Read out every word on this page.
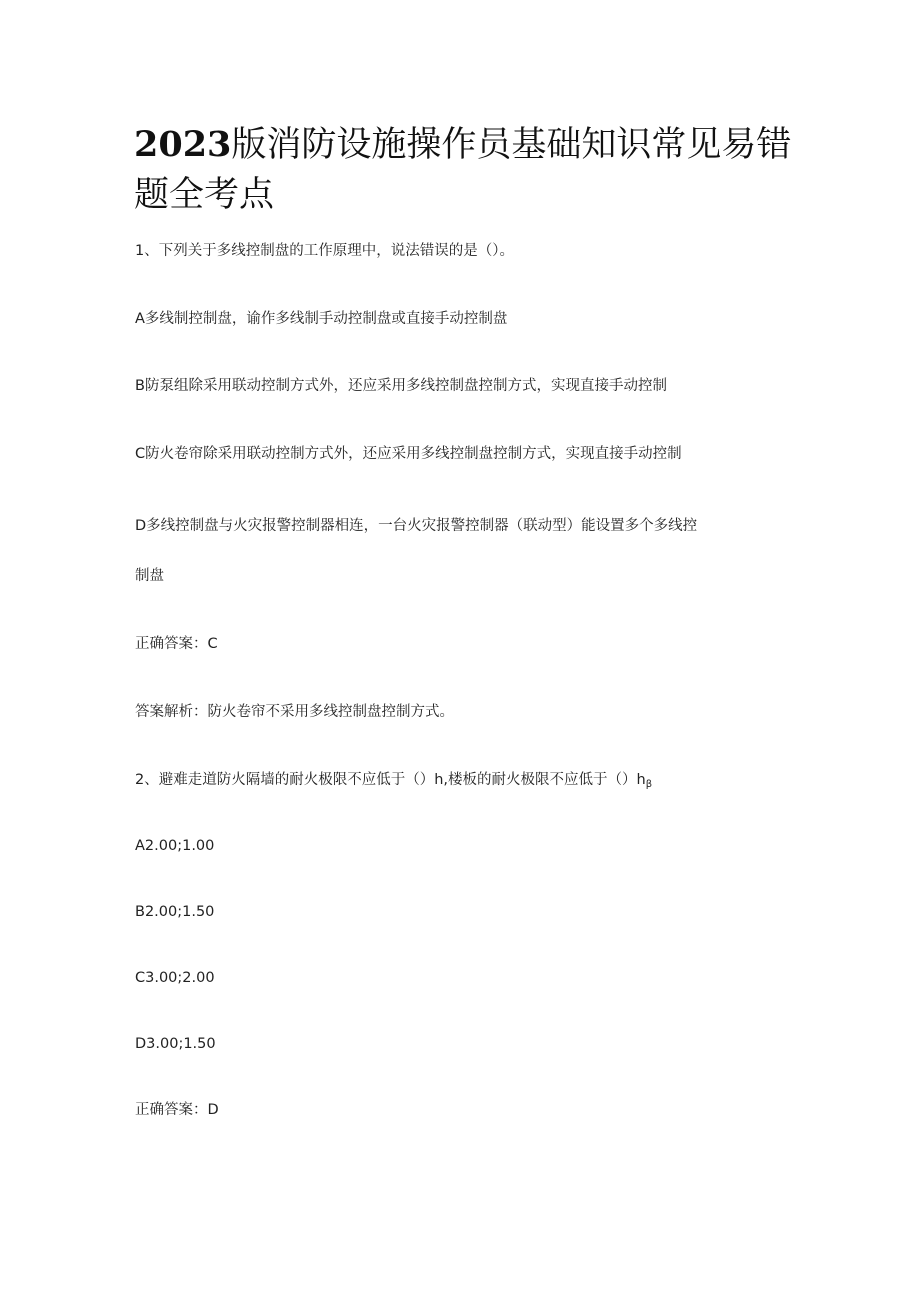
2023版消防设施操作员基础知识常见易错题全考点
1、下列关于多线控制盘的工作原理中，说法错误的是（）。
A多线制控制盘，谕作多线制手动控制盘或直接手动控制盘
B防泵组除采用联动控制方式外，还应采用多线控制盘控制方式，实现直接手动控制
C防火卷帘除采用联动控制方式外，还应采用多线控制盘控制方式，实现直接手动控制
D多线控制盘与火灾报警控制器相连，一台火灾报警控制器（联动型）能设置多个多线控
制盘
正确答案：C
答案解析：防火卷帘不采用多线控制盘控制方式。
2、避难走道防火隔墙的耐火极限不应低于（）h,楼板的耐火极限不应低于$()h_\beta$
A2.00;1.00
B2.00;1.50
C3.00;2.00
D3.00;1.50
正确答案：D
